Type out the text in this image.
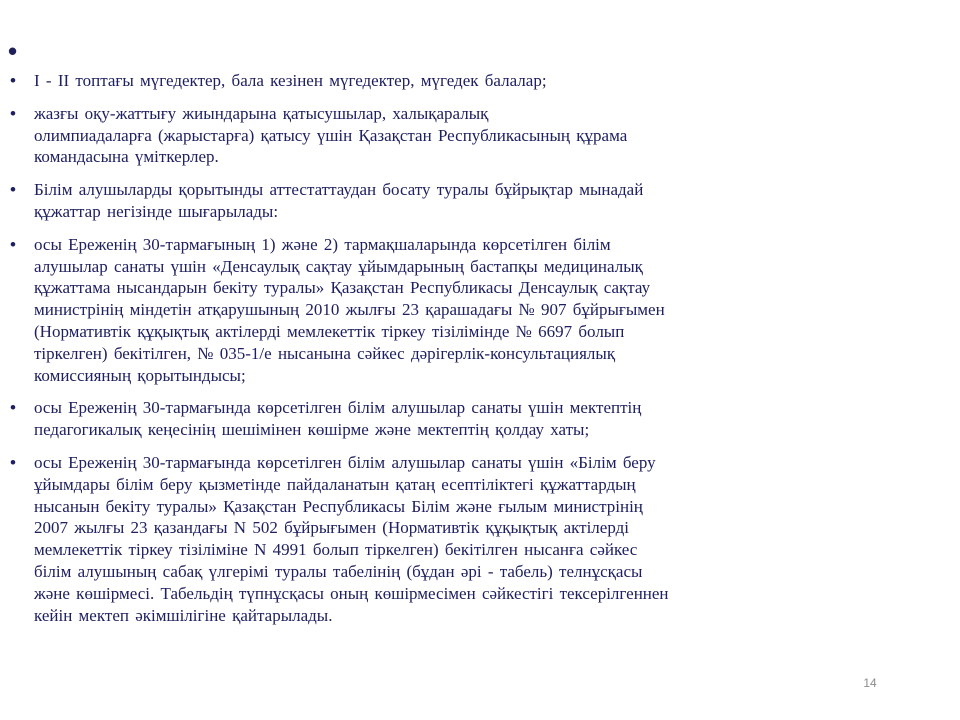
•
• І - ІІ топтағы мүгедектер, бала кезінен мүгедектер, мүгедек балалар;
• жазғы оқу-жаттығу жиындарына қатысушылар, халықаралық
олимпиадаларға (жарыстарға) қатысу үшін Қазақстан Республикасының құрама
командасына үміткерлер.
• Білім алушыларды қорытынды аттестаттаудан босату туралы бұйрықтар мынадай
құжаттар негізінде шығарылады:
• осы Ереженің 30-тармағының 1) және 2) тармақшаларында көрсетілген білім
алушылар санаты үшін «Денсаулық сақтау ұйымдарының бастапқы медициналық
құжаттама нысандарын бекіту туралы» Қазақстан Республикасы Денсаулық сақтау
министрінің міндетін атқарушының 2010 жылғы 23 қарашадағы № 907 бұйрығымен
(Нормативтік құқықтық актілерді мемлекеттік тіркеу тізілімінде № 6697 болып
тіркелген) бекітілген, № 035-1/е нысанына сәйкес дәрігерлік-консультациялық
комиссияның қорытындысы;
• осы Ереженің 30-тармағында көрсетілген білім алушылар санаты үшін мектептің
педагогикалық кеңесінің шешімінен көшірме және мектептің қолдау хаты;
• осы Ереженің 30-тармағында көрсетілген білім алушылар санаты үшін «Білім беру
ұйымдары білім беру қызметінде пайдаланатын қатаң есептіліктегі құжаттардың
нысанын бекіту туралы» Қазақстан Республикасы Білім және ғылым министрінің
2007 жылғы 23 қазандағы N 502 бұйрығымен (Нормативтік құқықтық актілерді
мемлекеттік тіркеу тізіліміне N 4991 болып тіркелген) бекітілген нысанға сәйкес
білім алушының сабақ үлгерімі туралы табелінің (бұдан әрі - табель) телнұсқасы
және көшірмесі. Табельдің түпнұсқасы оның көшірмесімен сәйкестігі тексерілгеннен
кейін мектеп әкімшілігіне қайтарылады.
14
